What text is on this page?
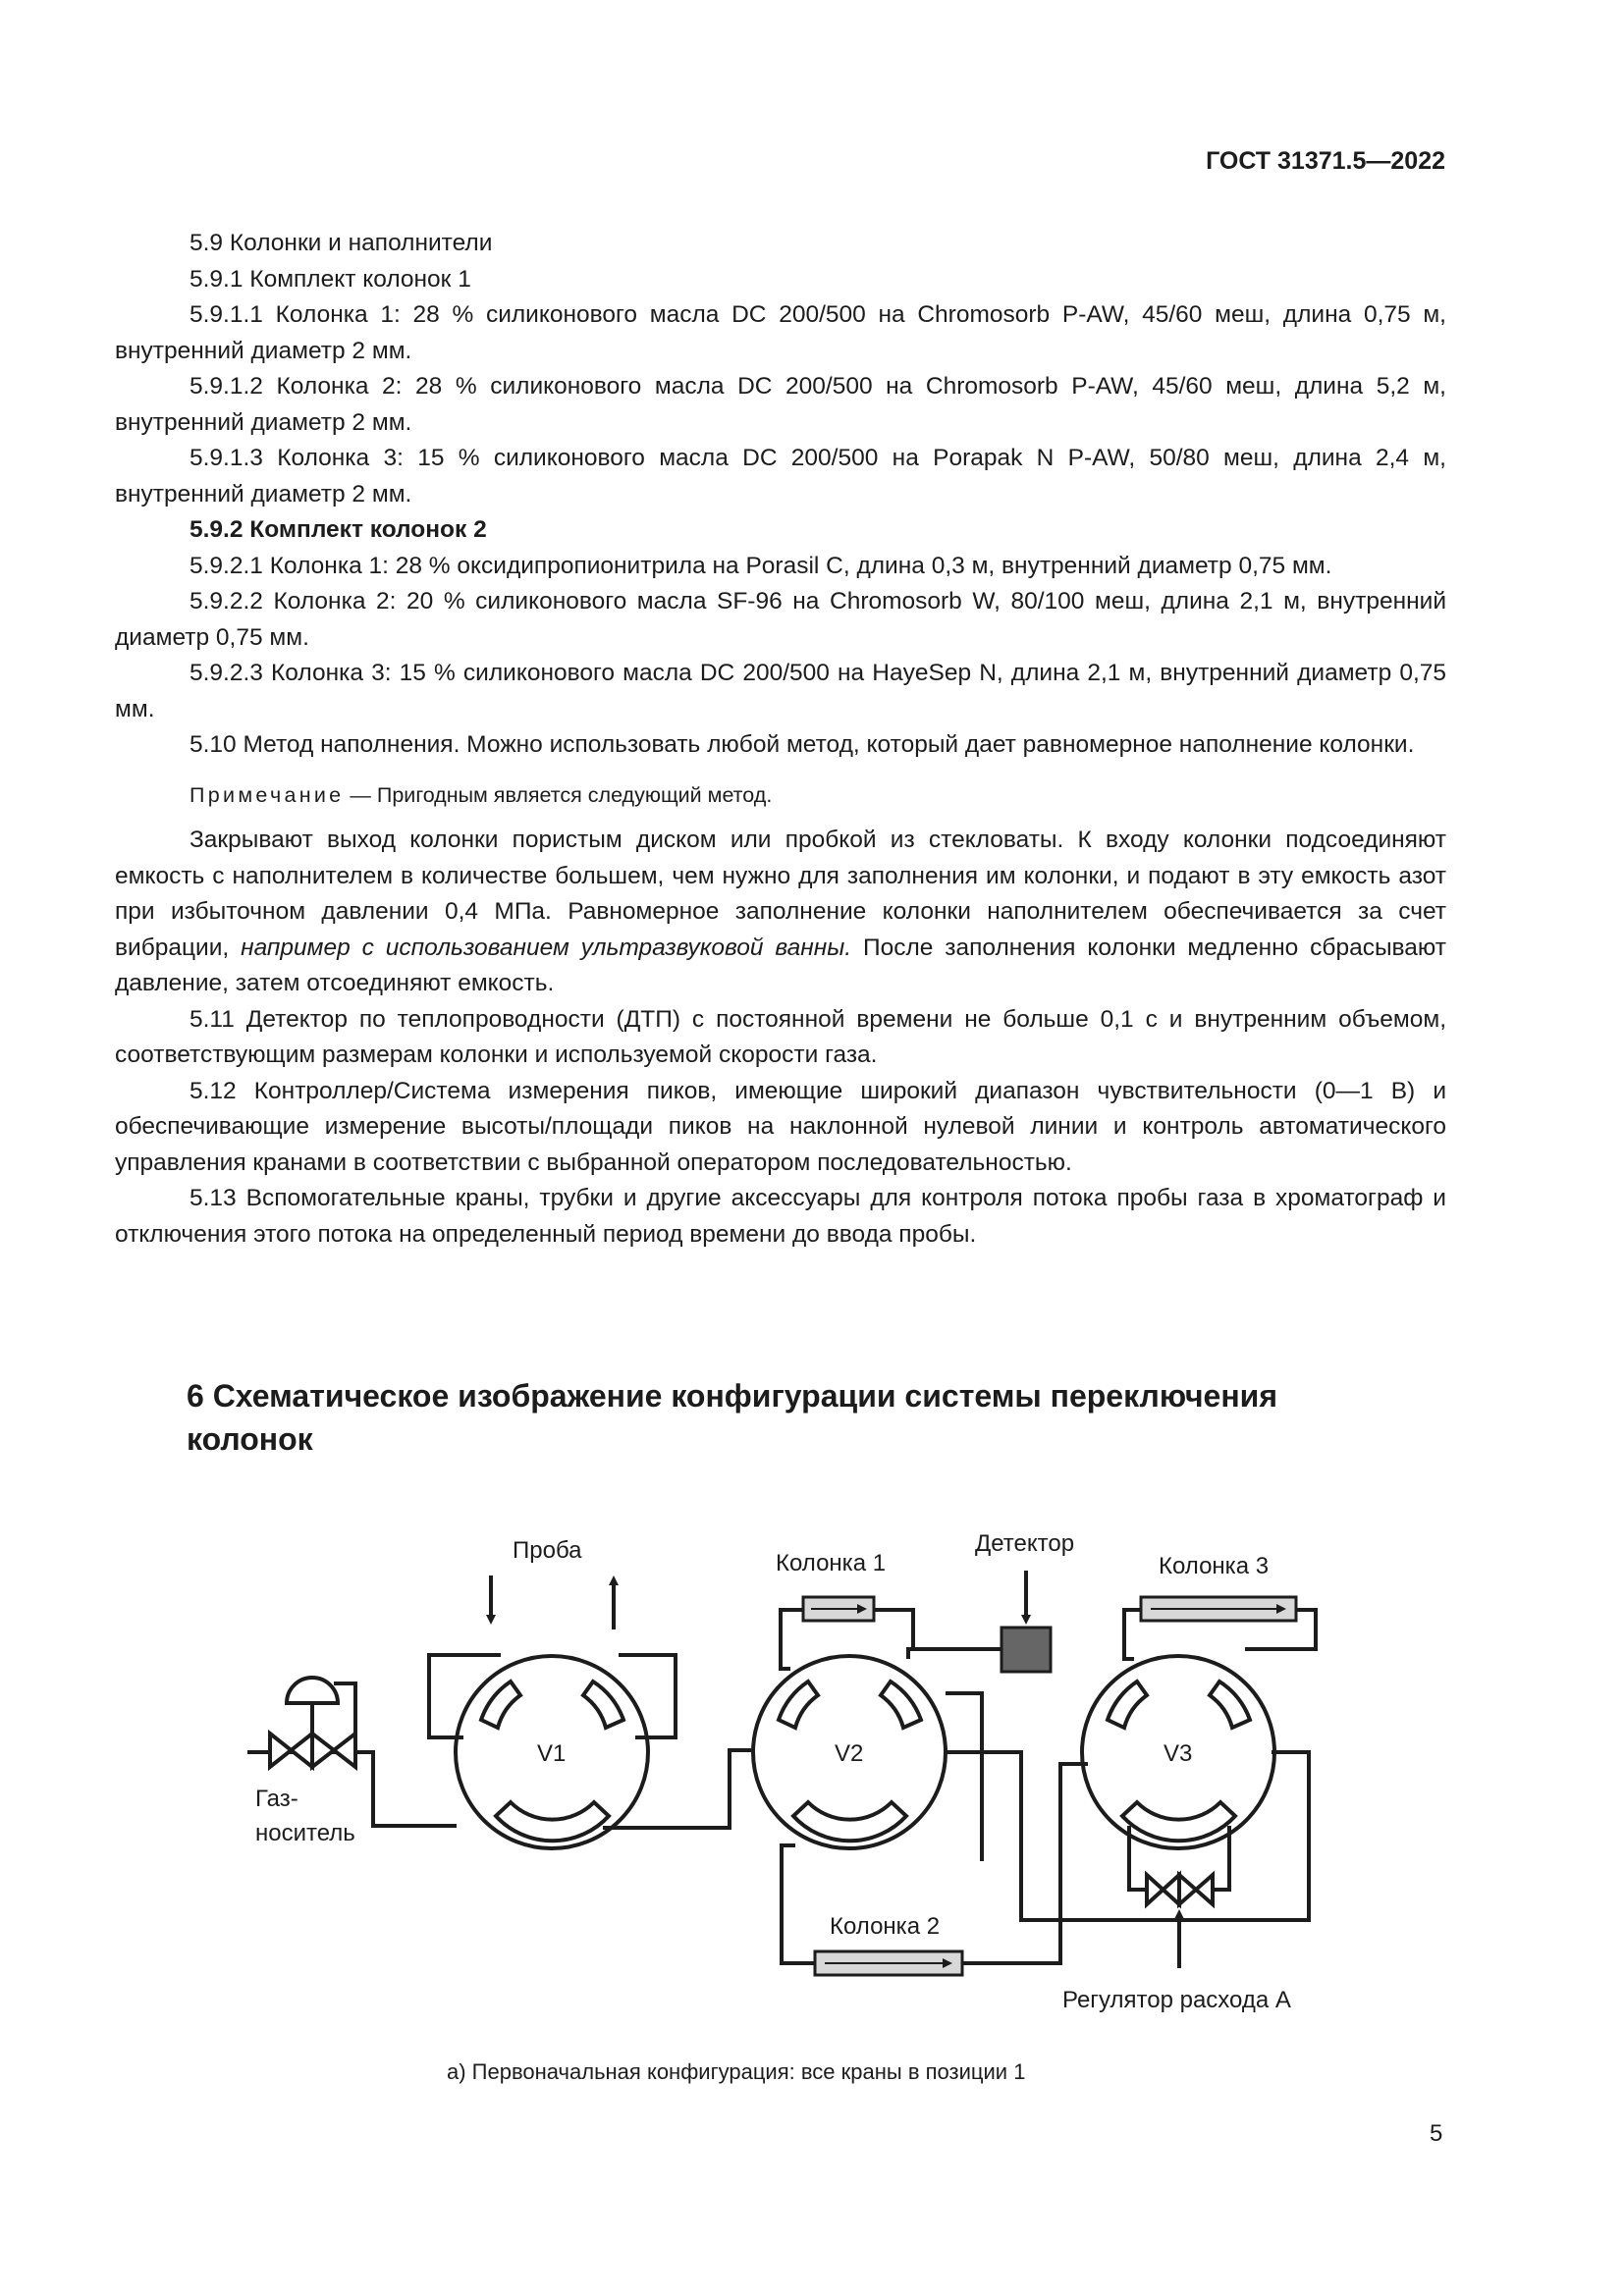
ГОСТ 31371.5—2022

5.9 Колонки и наполнители

5.9.1 Комплект колонок 1

5.9.1.1 Колонка 1: 28 % силиконового масла DC 200/500 на Chromosorb P-AW, 45/60 меш, длина 0,75 м, внутренний диаметр 2 мм.

5.9.1.2 Колонка 2: 28 % силиконового масла DC 200/500 на Chromosorb P-AW, 45/60 меш, длина 5,2 м, внутренний диаметр 2 мм.

5.9.1.3 Колонка 3: 15 % силиконового масла DC 200/500 на Porapak N P-AW, 50/80 меш, длина 2,4 м, внутренний диаметр 2 мм.

5.9.2 Комплект колонок 2

5.9.2.1 Колонка 1: 28 % оксидипропионитрила на Porasil C, длина 0,3 м, внутренний диаметр 0,75 мм.

5.9.2.2 Колонка 2: 20 % силиконового масла SF-96 на Chromosorb W, 80/100 меш, длина 2,1 м, внутренний диаметр 0,75 мм.

5.9.2.3 Колонка 3: 15 % силиконового масла DC 200/500 на HayeSep N, длина 2,1 м, внутренний диаметр 0,75 мм.

5.10 Метод наполнения. Можно использовать любой метод, который дает равномерное наполнение колонки.

Примечание — Пригодным является следующий метод.

Закрывают выход колонки пористым диском или пробкой из стекловаты. К входу колонки подсоединяют емкость с наполнителем в количестве большем, чем нужно для заполнения им колонки, и подают в эту емкость азот при избыточном давлении 0,4 МПа. Равномерное заполнение колонки наполнителем обеспечивается за счет вибрации, например с использованием ультразвуковой ванны. После заполнения колонки медленно сбрасывают давление, затем отсоединяют емкость.

5.11 Детектор по теплопроводности (ДТП) с постоянной времени не больше 0,1 с и внутренним объемом, соответствующим размерам колонки и используемой скорости газа.

5.12 Контроллер/Система измерения пиков, имеющие широкий диапазон чувствительности (0—1 В) и обеспечивающие измерение высоты/площади пиков на наклонной нулевой линии и контроль автоматического управления кранами в соответствии с выбранной оператором последовательностью.

5.13 Вспомогательные краны, трубки и другие аксессуары для контроля потока пробы газа в хроматограф и отключения этого потока на определенный период времени до ввода пробы.

6 Схематическое изображение конфигурации системы переключения колонок
Проба	Колонка 1
Детектор
Колонка 3
Газ-
носитель
V1	V2	V3
Колонка 2
Регулятор расхода А
а) Первоначальная конфигурация: все краны в позиции 1
5
